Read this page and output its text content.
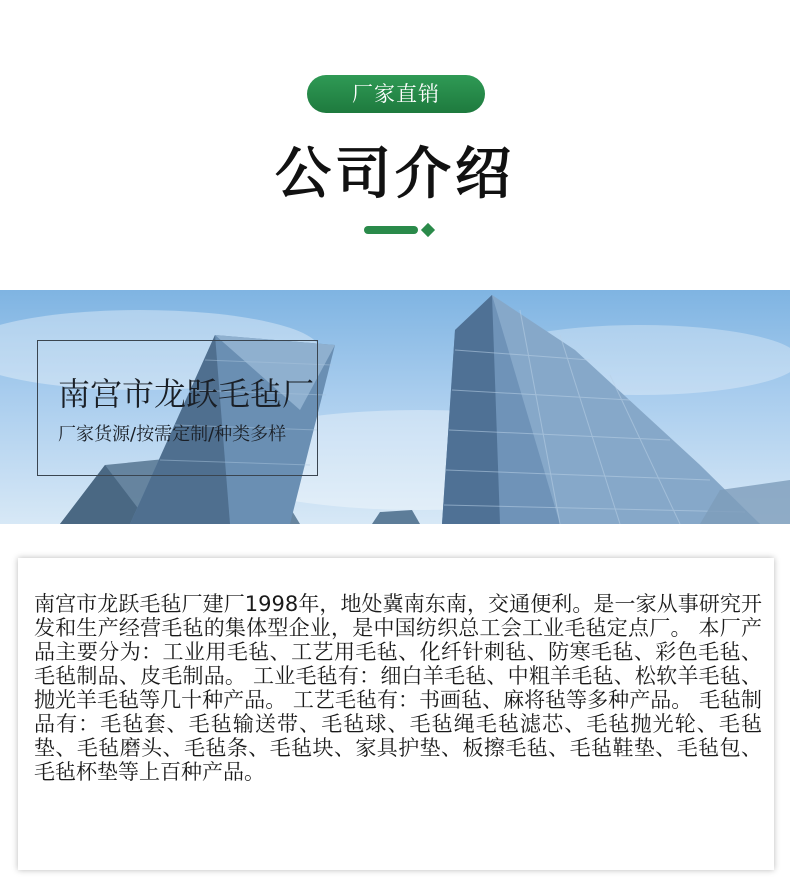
厂家直销
公司介绍
南宫市龙跃毛毡厂
厂家货源/按需定制/种类多样

南宫市龙跃毛毡厂建厂1998年，地处冀南东南，交通便利。是一家从事研究开发和生产经营毛毡的集体型企业，是中国纺织总工会工业毛毡定点厂。 本厂产品主要分为：工业用毛毡、工艺用毛毡、化纤针刺毡、防寒毛毡、彩色毛毡、毛毡制品、皮毛制品。 工业毛毡有：细白羊毛毡、中粗羊毛毡、松软羊毛毡、抛光羊毛毡等几十种产品。 工艺毛毡有：书画毡、麻将毡等多种产品。 毛毡制品有：毛毡套、毛毡输送带、毛毡球、毛毡绳毛毡滤芯、毛毡抛光轮、毛毡垫、毛毡磨头、毛毡条、毛毡块、家具护垫、板擦毛毡、毛毡鞋垫、毛毡包、毛毡杯垫等上百种产品。
